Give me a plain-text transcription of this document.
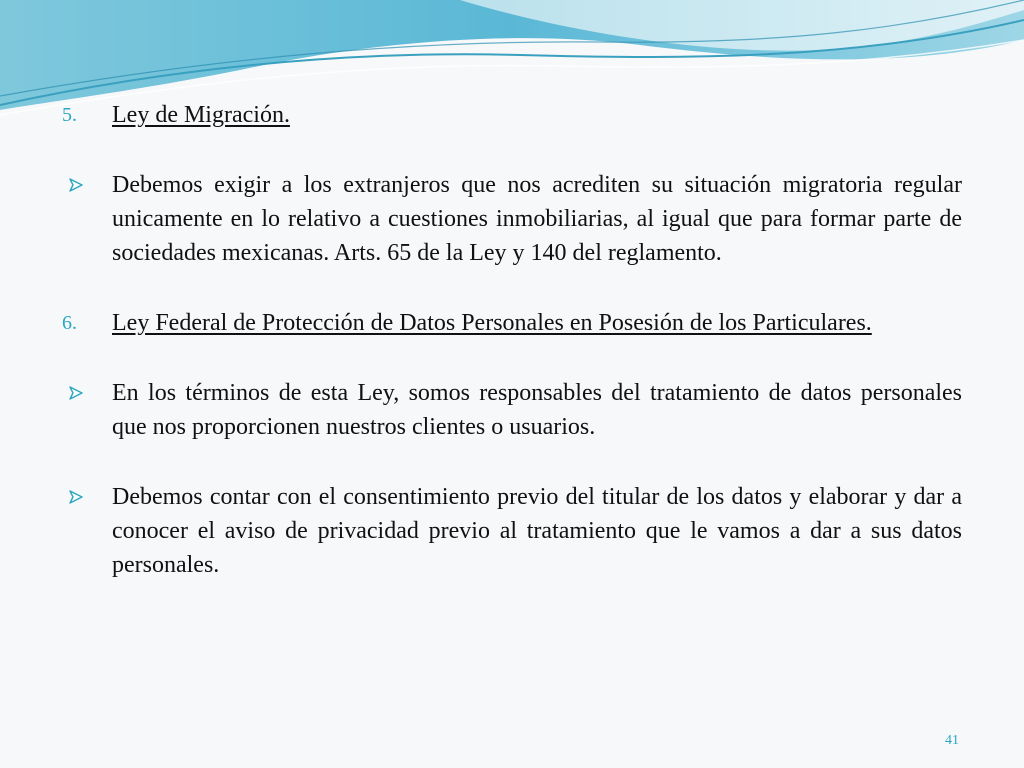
5.	Ley de Migración.
Debemos exigir a los extranjeros que nos acrediten su situación migratoria regular unicamente en lo relativo a cuestiones inmobiliarias, al igual que para formar parte de sociedades mexicanas. Arts. 65 de la Ley y 140 del reglamento.
6.	Ley Federal de Protección de Datos Personales en Posesión de los Particulares.
En los términos de esta Ley, somos responsables del tratamiento de datos personales que nos proporcionen nuestros clientes o usuarios.
Debemos contar con el consentimiento previo del titular de los datos y elaborar y dar a conocer el aviso de privacidad previo al tratamiento que le vamos a dar a sus datos personales.
41
